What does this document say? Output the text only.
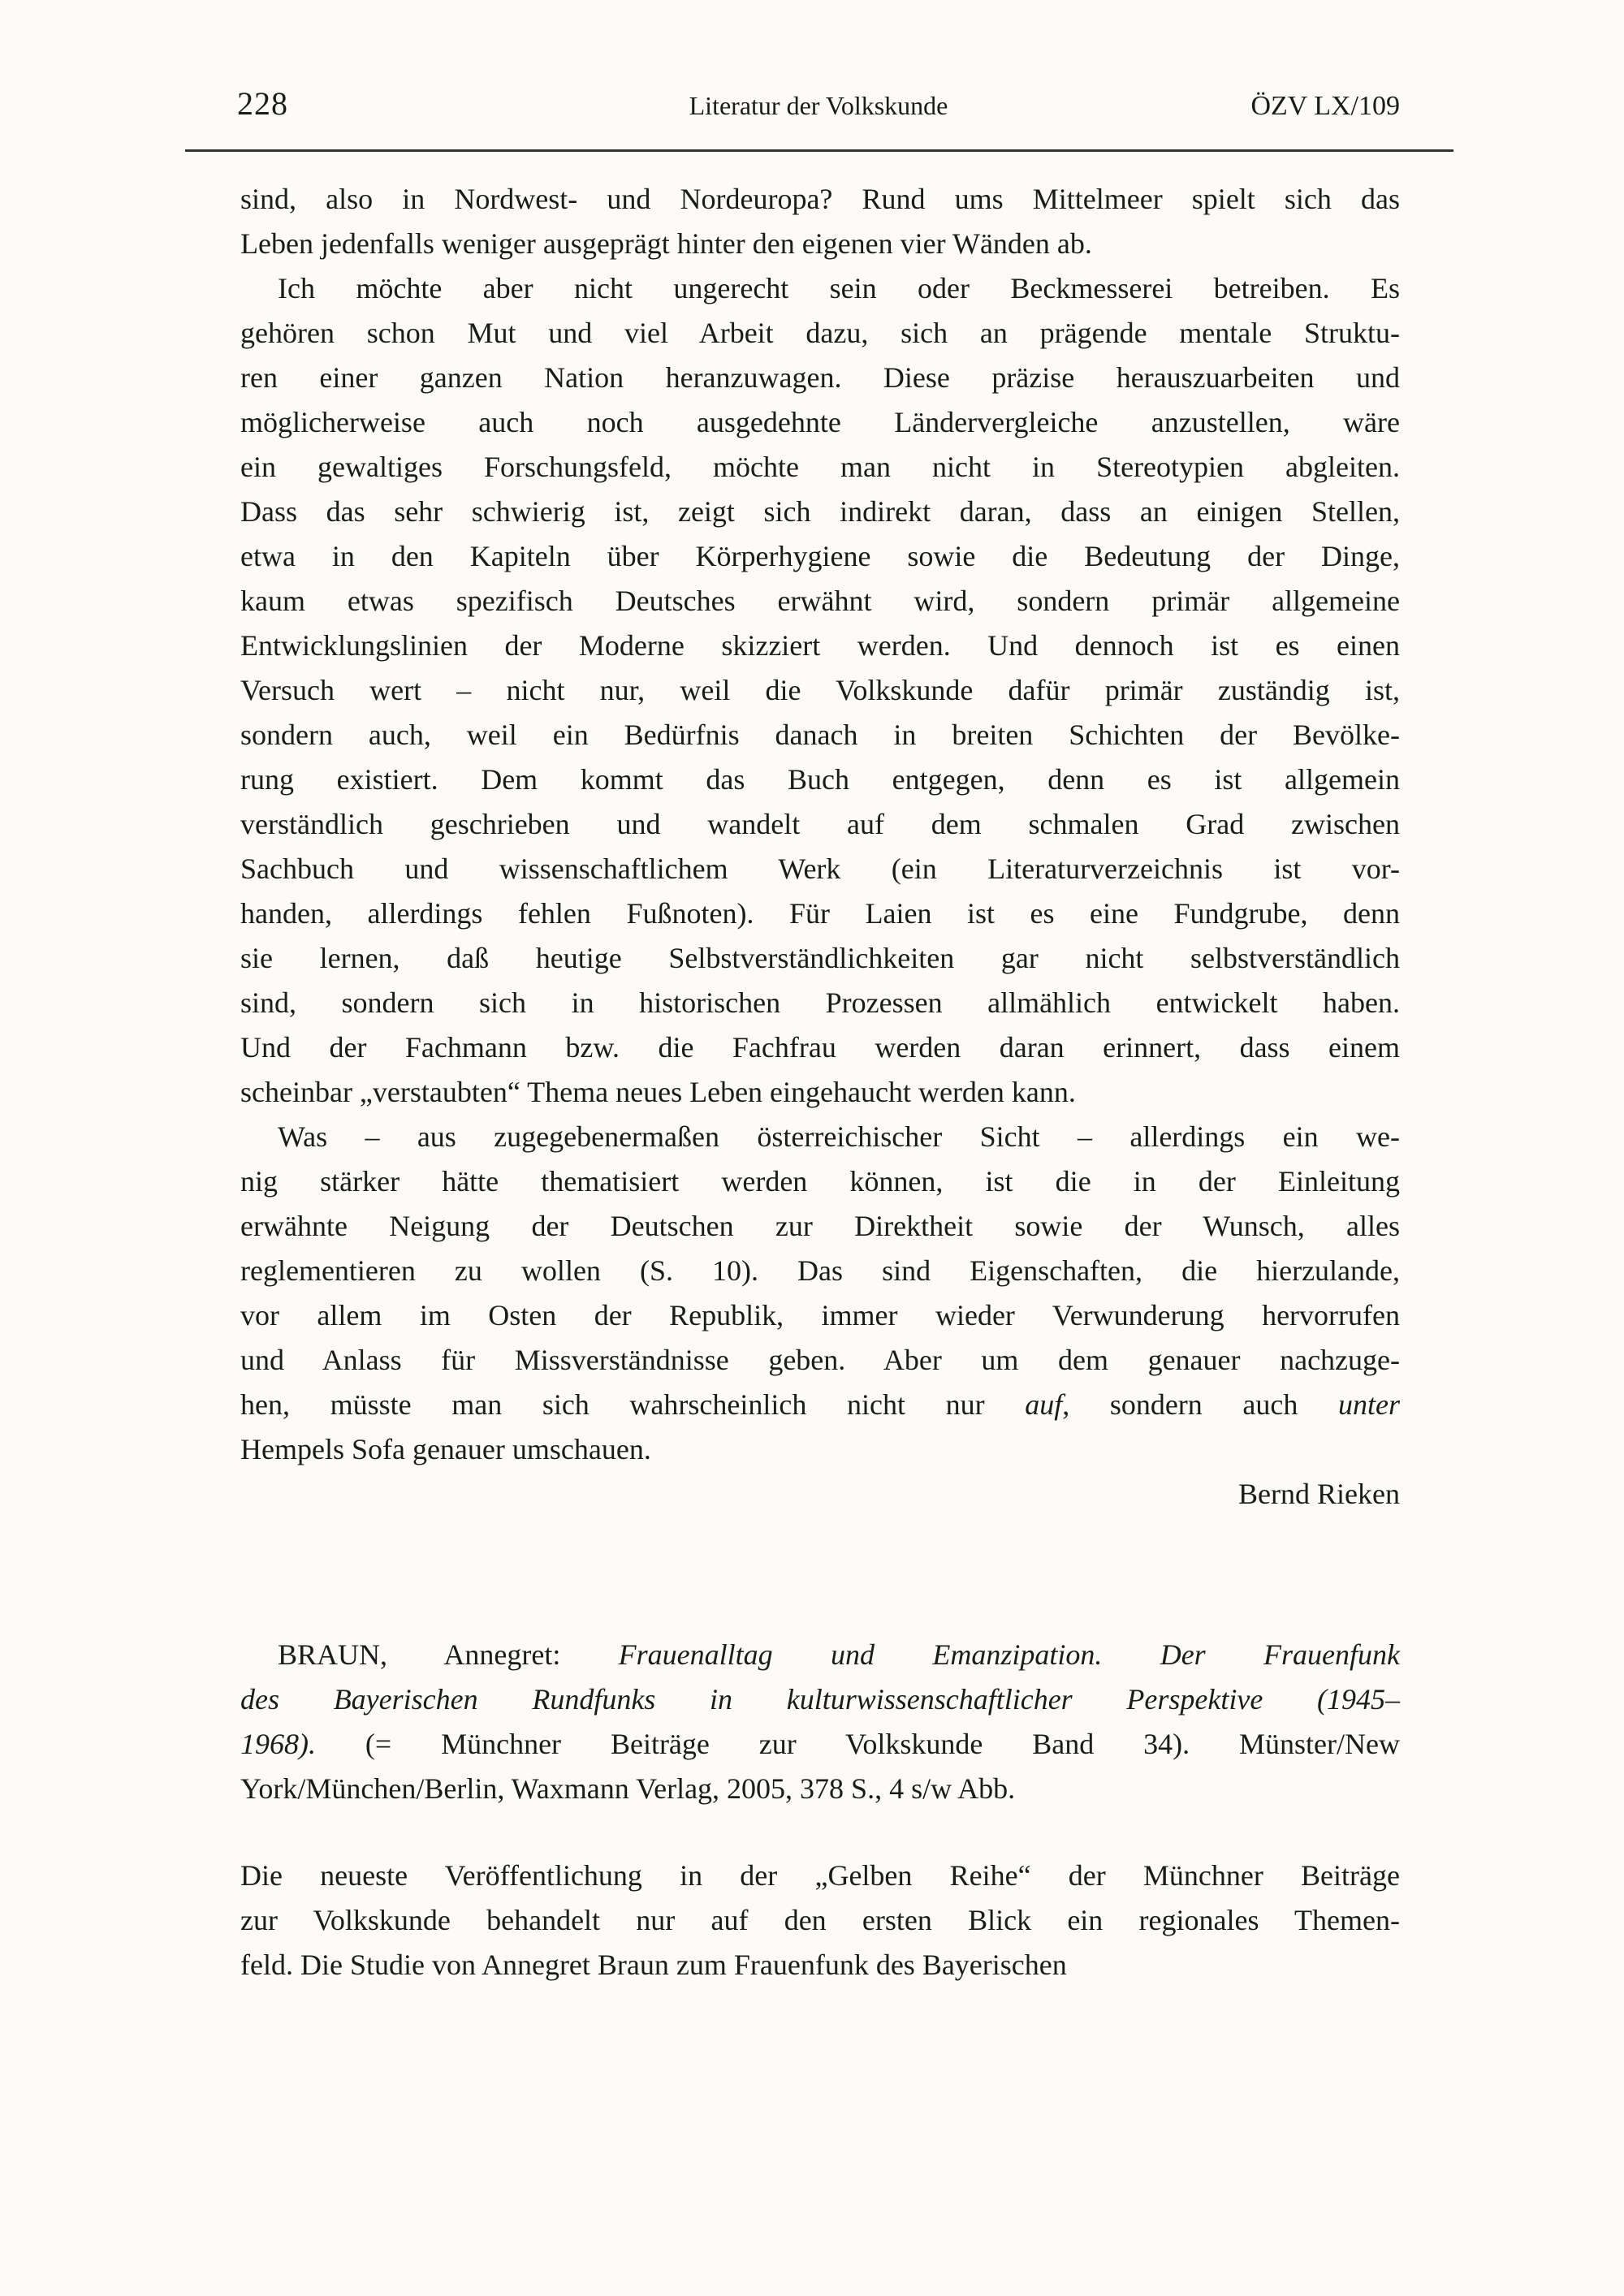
228	Literatur der Volkskunde	ÖZV LX/109
sind, also in Nordwest- und Nordeuropa? Rund ums Mittelmeer spielt sich das
Leben jedenfalls weniger ausgeprägt hinter den eigenen vier Wänden ab.
Ich möchte aber nicht ungerecht sein oder Beckmesserei betreiben. Es
gehören schon Mut und viel Arbeit dazu, sich an prägende mentale Struktu-
ren einer ganzen Nation heranzuwagen. Diese präzise herauszuarbeiten und
möglicherweise auch noch ausgedehnte Ländervergleiche anzustellen, wäre
ein gewaltiges Forschungsfeld, möchte man nicht in Stereotypien abgleiten.
Dass das sehr schwierig ist, zeigt sich indirekt daran, dass an einigen Stellen,
etwa in den Kapiteln über Körperhygiene sowie die Bedeutung der Dinge,
kaum etwas spezifisch Deutsches erwähnt wird, sondern primär allgemeine
Entwicklungslinien der Moderne skizziert werden. Und dennoch ist es einen
Versuch wert – nicht nur, weil die Volkskunde dafür primär zuständig ist,
sondern auch, weil ein Bedürfnis danach in breiten Schichten der Bevölke-
rung existiert. Dem kommt das Buch entgegen, denn es ist allgemein
verständlich geschrieben und wandelt auf dem schmalen Grad zwischen
Sachbuch und wissenschaftlichem Werk (ein Literaturverzeichnis ist vor-
handen, allerdings fehlen Fußnoten). Für Laien ist es eine Fundgrube, denn
sie lernen, daß heutige Selbstverständlichkeiten gar nicht selbstverständlich
sind, sondern sich in historischen Prozessen allmählich entwickelt haben.
Und der Fachmann bzw. die Fachfrau werden daran erinnert, dass einem
scheinbar „verstaubten“ Thema neues Leben eingehaucht werden kann.
Was – aus zugegebenermaßen österreichischer Sicht – allerdings ein we-
nig stärker hätte thematisiert werden können, ist die in der Einleitung
erwähnte Neigung der Deutschen zur Direktheit sowie der Wunsch, alles
reglementieren zu wollen (S. 10). Das sind Eigenschaften, die hierzulande,
vor allem im Osten der Republik, immer wieder Verwunderung hervorrufen
und Anlass für Missverständnisse geben. Aber um dem genauer nachzuge-
hen, müsste man sich wahrscheinlich nicht nur auf, sondern auch unter
Hempels Sofa genauer umschauen.
Bernd Rieken
BRAUN, Annegret: Frauenalltag und Emanzipation. Der Frauenfunk
des Bayerischen Rundfunks in kulturwissenschaftlicher Perspektive (1945–
1968). (= Münchner Beiträge zur Volkskunde Band 34). Münster/New
York/München/Berlin, Waxmann Verlag, 2005, 378 S., 4 s/w Abb.
Die neueste Veröffentlichung in der „Gelben Reihe“ der Münchner Beiträge
zur Volkskunde behandelt nur auf den ersten Blick ein regionales Themen-
feld. Die Studie von Annegret Braun zum Frauenfunk des Bayerischen
